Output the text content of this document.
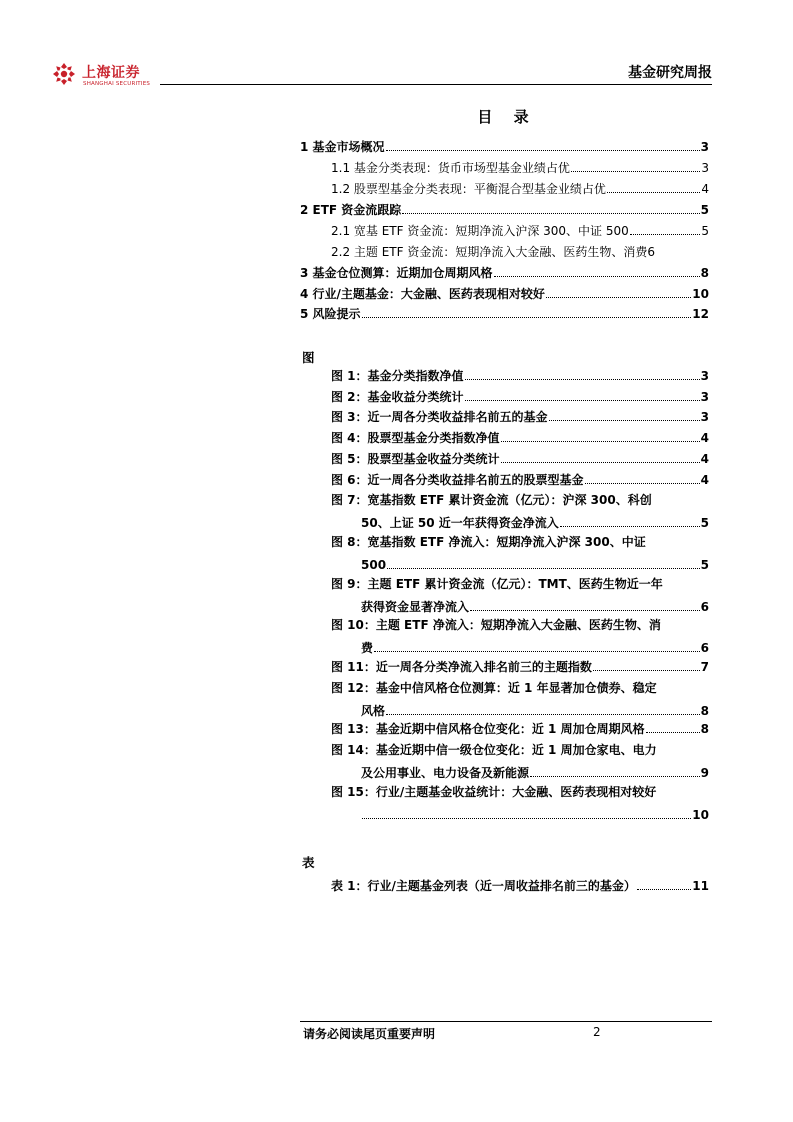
上海证券
SHANGHAI SECURITIES
基金研究周报
目 录
1 基金市场概况	3
1.1 基金分类表现：货币市场型基金业绩占优	3
1.2 股票型基金分类表现：平衡混合型基金业绩占优	4
2 ETF 资金流跟踪	5
2.1 宽基 ETF 资金流：短期净流入沪深 300、中证 500	5
2.2 主题 ETF 资金流：短期净流入大金融、医药生物、消费 6
3 基金仓位测算：近期加仓周期风格	8
4 行业/主题基金：大金融、医药表现相对较好	10
5 风险提示	12
图
图 1：基金分类指数净值	3
图 2：基金收益分类统计	3
图 3：近一周各分类收益排名前五的基金	3
图 4：股票型基金分类指数净值	4
图 5：股票型基金收益分类统计	4
图 6：近一周各分类收益排名前五的股票型基金	4
图 7：宽基指数 ETF 累计资金流（亿元）：沪深 300、科创
50、上证 50 近一年获得资金净流入	5
图 8：宽基指数 ETF 净流入：短期净流入沪深 300、中证
500	5
图 9：主题 ETF 累计资金流（亿元）：TMT、医药生物近一年
获得资金显著净流入	6
图 10：主题 ETF 净流入：短期净流入大金融、医药生物、消
费	6
图 11：近一周各分类净流入排名前三的主题指数	7
图 12：基金中信风格仓位测算：近 1 年显著加仓债券、稳定
风格	8
图 13：基金近期中信风格仓位变化：近 1 周加仓周期风格	8
图 14：基金近期中信一级仓位变化：近 1 周加仓家电、电力
及公用事业、电力设备及新能源	9
图 15：行业/主题基金收益统计：大金融、医药表现相对较好
10
表
表 1：行业/主题基金列表（近一周收益排名前三的基金）	11
请务必阅读尾页重要声明	2
